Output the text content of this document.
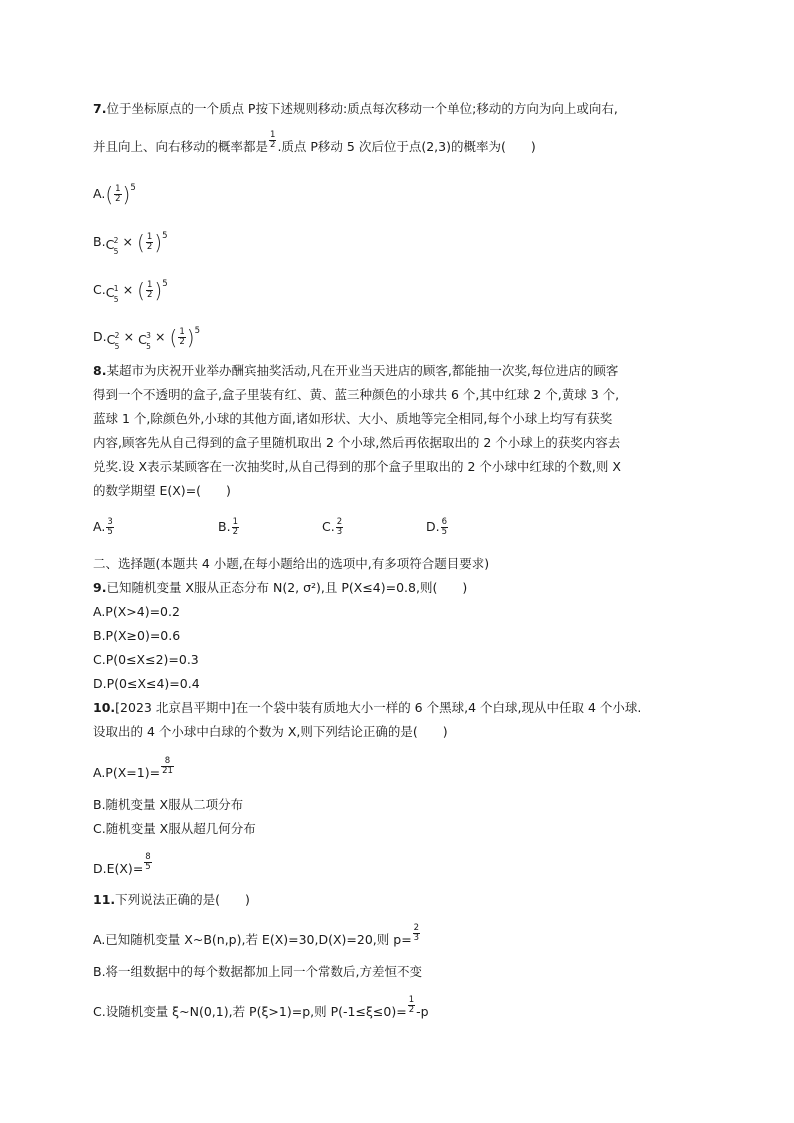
7.位于坐标原点的一个质点 P按下述规则移动:质点每次移动一个单位;移动的方向为向上或向右,
并且向上、向右移动的概率都是 $\frac{1}{2}$ .质点 P移动 5 次后位于点(2,3)的概率为(　　)
$A.( \frac{1}{2} )^5$
B. C 2
5
× ( $\frac{1}{2} )^5$
C. C 1
5
× ( $\frac{1}{2} )^5$
D. C 2
5
× C 3
5
× ( $\frac{1}{2} )^5$
8.某超市为庆祝开业举办酬宾抽奖活动,凡在开业当天进店的顾客,都能抽一次奖,每位进店的顾客
得到一个不透明的盒子,盒子里装有红、黄、蓝三种颜色的小球共 6 个,其中红球 2 个,黄球 3 个,
蓝球 1 个,除颜色外,小球的其他方面,诸如形状、大小、质地等完全相同,每个小球上均写有获奖
内容,顾客先从自己得到的盒子里随机取出 2 个小球,然后再依据取出的 2 个小球上的获奖内容去
兑奖.设 X表示某顾客在一次抽奖时,从自己得到的那个盒子里取出的 2 个小球中红球的个数,则 X
的数学期望 E(X)=(　　)
A. $\frac{3}{5}$	B. $\frac{1}{2}$	C. $\frac{2}{3}$	D. $\frac{6}{5}$
二、选择题(本题共 4 小题,在每小题给出的选项中,有多项符合题目要求)
9.已知随机变量 X服从正态分布 N(2, σ²),且 P(X≤4)=0.8,则(　　)
A.P(X>4)=0.2
B.P(X≥0)=0.6
C.P(0≤X≤2)=0.3
D.P(0≤X≤4)=0.4
10.[2023 北京昌平期中]在一个袋中装有质地大小一样的 6 个黑球,4 个白球,现从中任取 4 个小球.
设取出的 4 个小球中白球的个数为 X,则下列结论正确的是(　　)
$A.P(X=1)= \frac{8}{21}$
B.随机变量 X服从二项分布
C.随机变量 X服从超几何分布
$D.E(X)= \frac{8}{5}$
11.下列说法正确的是(　　)
A.已知随机变量 X~B(n,p),若 E(X)=30,D(X)=20,则 $p= \frac{2}{3}$
B.将一组数据中的每个数据都加上同一个常数后,方差恒不变
C.设随机变量 ξ~N(0,1),若 P(ξ>1)=p,则 $P(-1\le\xi\le 0)= \frac{1}{2} -p$
